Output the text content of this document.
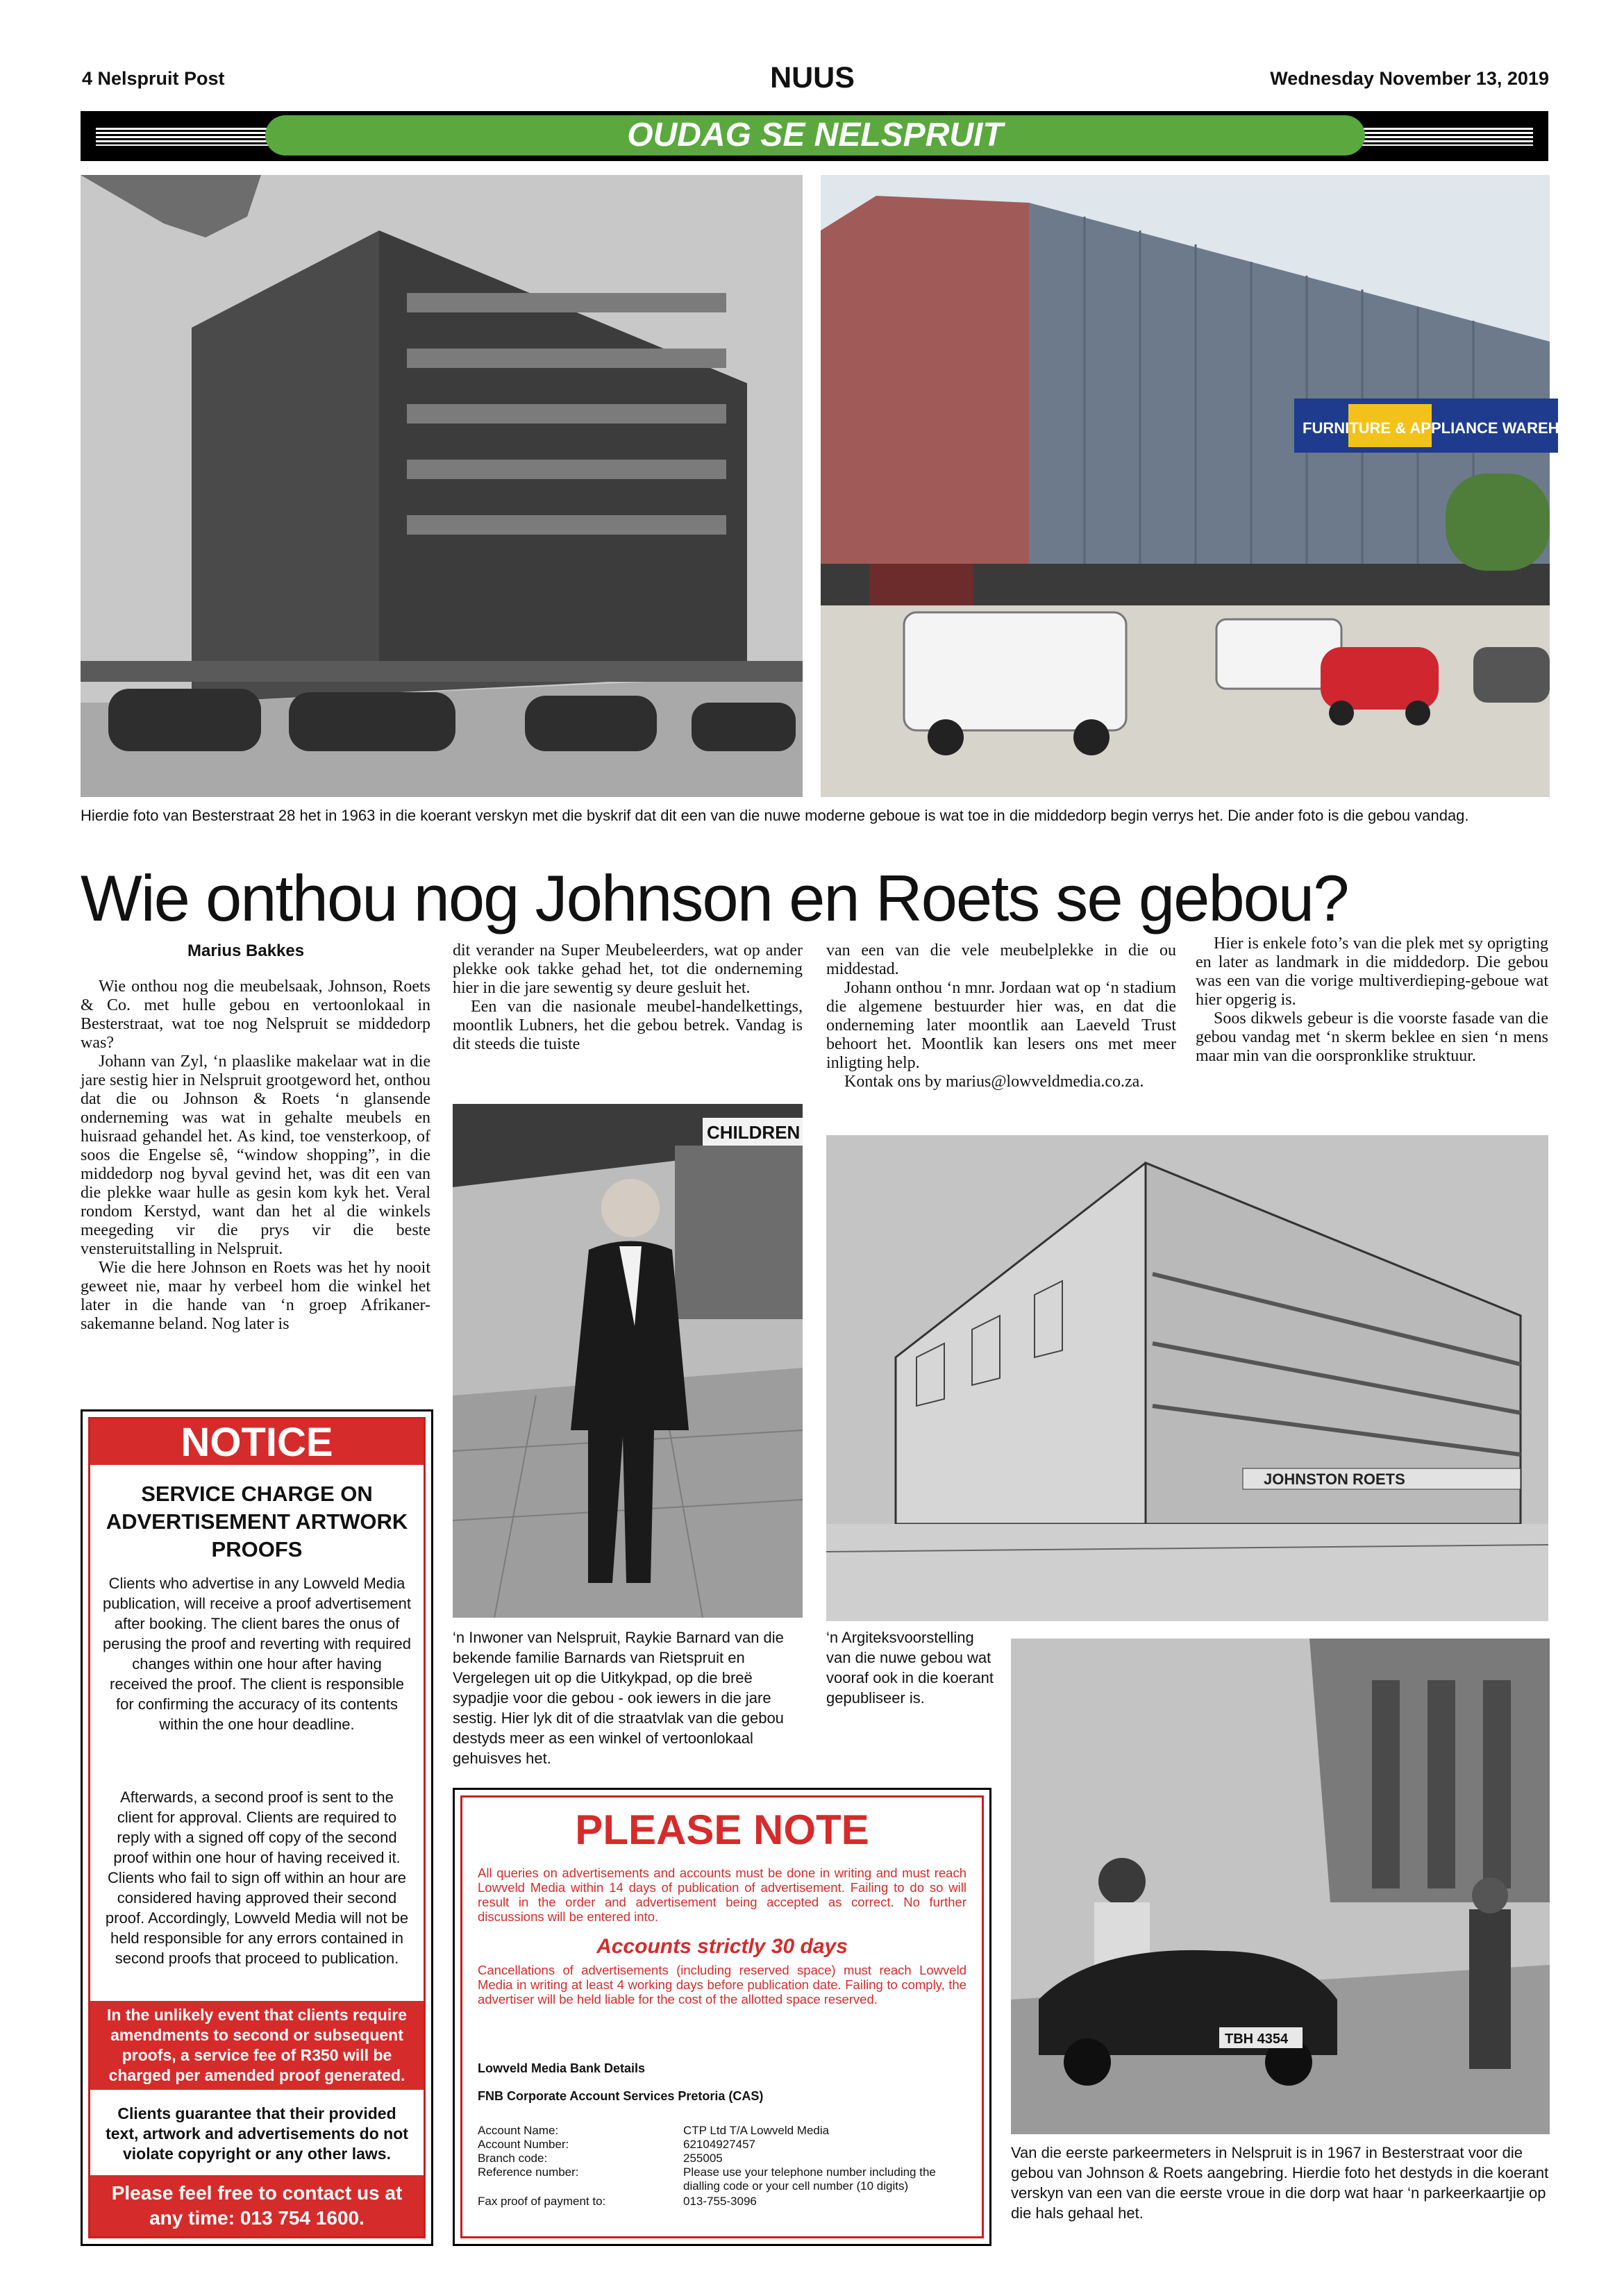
4 Nelspruit Post	NUUS	Wednesday November 13, 2019
OUDAG SE NELSPRUIT
FURNITURE & APPLIANCE WAREHOUSE
Hierdie foto van Besterstraat 28 het in 1963 in die koerant verskyn met die byskrif dat dit een van die nuwe moderne geboue is wat toe in die middedorp begin verrys het. Die ander foto is die gebou vandag.
Wie onthou nog Johnson en Roets se gebou?
Marius Bakkes

Wie onthou nog die meubelsaak, Johnson, Roets & Co. met hulle gebou en vertoonlokaal in Besterstraat, wat toe nog Nelspruit se middedorp was?

Johann van Zyl, ‘n plaaslike makelaar wat in die jare sestig hier in Nelspruit grootgeword het, onthou dat die ou Johnson & Roets ‘n glansende onderneming was wat in gehalte meubels en huisraad gehandel het. As kind, toe vensterkoop, of soos die Engelse sê, “window shopping”, in die middedorp nog byval gevind het, was dit een van die plekke waar hulle as gesin kom kyk het. Veral rondom Kerstyd, want dan het al die winkels meegeding vir die prys vir die beste vensteruitstalling in Nelspruit.

Wie die here Johnson en Roets was het hy nooit geweet nie, maar hy verbeel hom die winkel het later in die hande van ‘n groep Afrikaner-sakemanne beland. Nog later is

dit verander na Super Meubeleerders, wat op ander plekke ook takke gehad het, tot die onderneming hier in die jare sewentig sy deure gesluit het.

Een van die nasionale meubel-handelkettings, moontlik Lubners, het die gebou betrek. Vandag is dit steeds die tuiste

van een van die vele meubelplekke in die ou middestad.

Johann onthou ‘n mnr. Jordaan wat op ‘n stadium die algemene bestuurder hier was, en dat die onderneming later moontlik aan Laeveld Trust behoort het. Moontlik kan lesers ons met meer inligting help.

Kontak ons by marius@lowveldmedia.co.za.

Hier is enkele foto’s van die plek met sy oprigting en later as landmark in die middedorp. Die gebou was een van die vorige multiverdieping-geboue wat hier opgerig is.

Soos dikwels gebeur is die voorste fasade van die gebou vandag met ‘n skerm beklee en sien ‘n mens maar min van die oorspronklike struktuur.

CHILDREN
JOHNSTON ROETS
TBH 4354
‘n Inwoner van Nelspruit, Raykie Barnard van die bekende familie Barnards van Rietspruit en Vergelegen uit op die Uitkykpad, op die breë sypadjie voor die gebou - ook iewers in die jare sestig. Hier lyk dit of die straatvlak van die gebou destyds meer as een winkel of vertoonlokaal gehuisves het.
‘n Argiteksvoorstelling van die nuwe gebou wat vooraf ook in die koerant gepubliseer is.
Van die eerste parkeermeters in Nelspruit is in 1967 in Besterstraat voor die gebou van Johnson & Roets aangebring. Hierdie foto het destyds in die koerant verskyn van een van die eerste vroue in die dorp wat haar ‘n parkeerkaartjie op die hals gehaal het.
NOTICE
SERVICE CHARGE ON ADVERTISEMENT ARTWORK PROOFS
Clients who advertise in any Lowveld Media publication, will receive a proof advertisement after booking. The client bares the onus of perusing the proof and reverting with required changes within one hour after having received the proof. The client is responsible for confirming the accuracy of its contents within the one hour deadline.
Afterwards, a second proof is sent to the client for approval. Clients are required to reply with a signed off copy of the second proof within one hour of having received it. Clients who fail to sign off within an hour are considered having approved their second proof. Accordingly, Lowveld Media will not be held responsible for any errors contained in second proofs that proceed to publication.
In the unlikely event that clients require amendments to second or subsequent proofs, a service fee of R350 will be charged per amended proof generated.
Clients guarantee that their provided text, artwork and advertisements do not violate copyright or any other laws.
Please feel free to contact us at any time: 013 754 1600.
PLEASE NOTE
All queries on advertisements and accounts must be done in writing and must reach Lowveld Media within 14 days of publication of advertisement. Failing to do so will result in the order and advertisement being accepted as correct. No further discussions will be entered into.
Accounts strictly 30 days
Cancellations of advertisements (including reserved space) must reach Lowveld Media in writing at least 4 working days before publication date. Failing to comply, the advertiser will be held liable for the cost of the allotted space reserved.
Lowveld Media Bank Details
FNB Corporate Account Services Pretoria (CAS)
Account Name:	CTP Ltd T/A Lowveld Media
Account Number:	62104927457
Branch code:	255005
Reference number:	Please use your telephone number including the dialling code or your cell number (10 digits)
Fax proof of payment to:	013-755-3096
